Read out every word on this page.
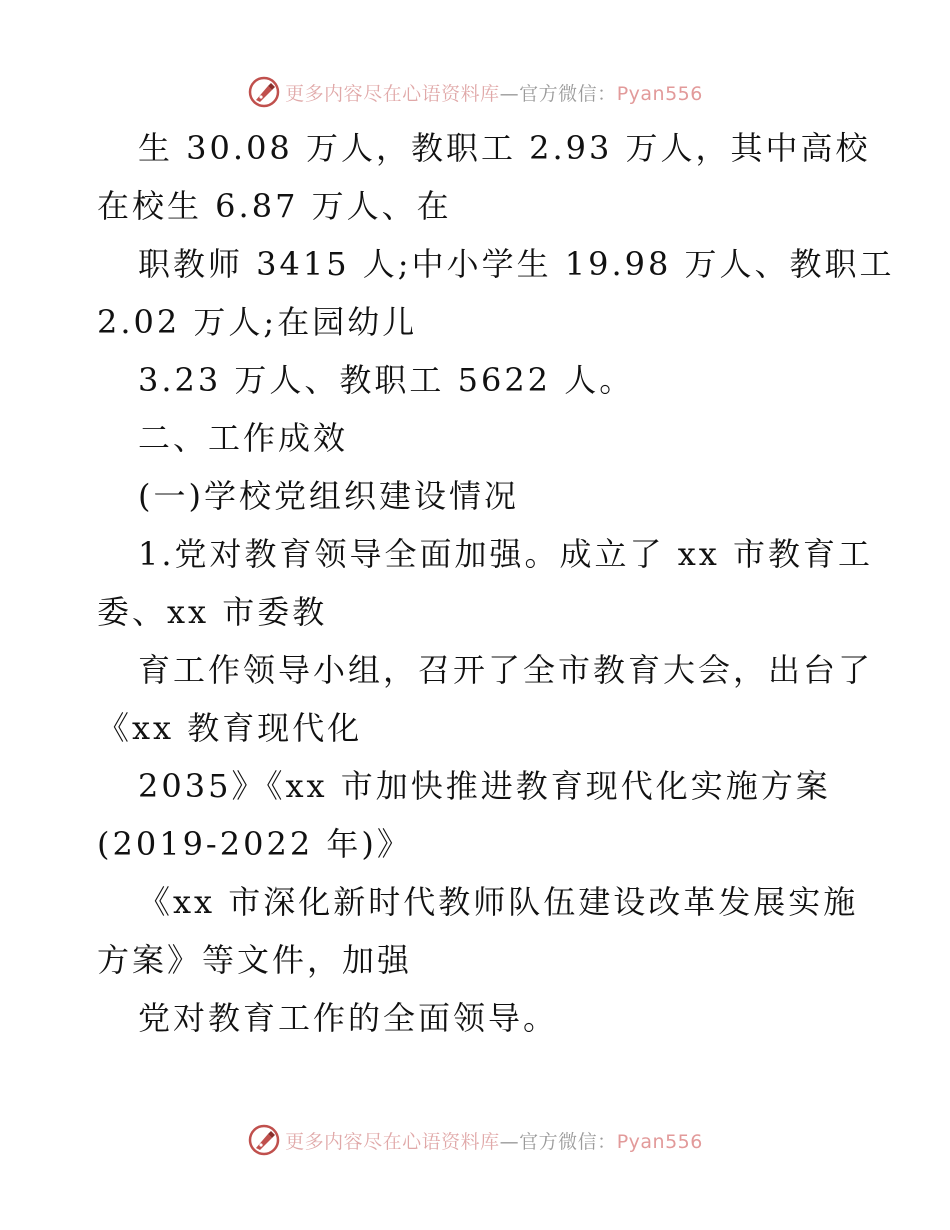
更多内容尽在心语资料库—官方微信：Pyan556
生 30.08 万人，教职工 2.93 万人，其中高校
在校生 6.87 万人、在
职教师 3415 人;中小学生 19.98 万人、教职工
2.02 万人;在园幼儿
3.23 万人、教职工 5622 人。
二、工作成效
(一)学校党组织建设情况
1.党对教育领导全面加强。成立了 xx 市教育工
委、xx 市委教
育工作领导小组，召开了全市教育大会，出台了
《xx 教育现代化
2035》《xx 市加快推进教育现代化实施方案
(2019-2022 年)》
《xx 市深化新时代教师队伍建设改革发展实施
方案》等文件，加强
党对教育工作的全面领导。
更多内容尽在心语资料库—官方微信：Pyan556
